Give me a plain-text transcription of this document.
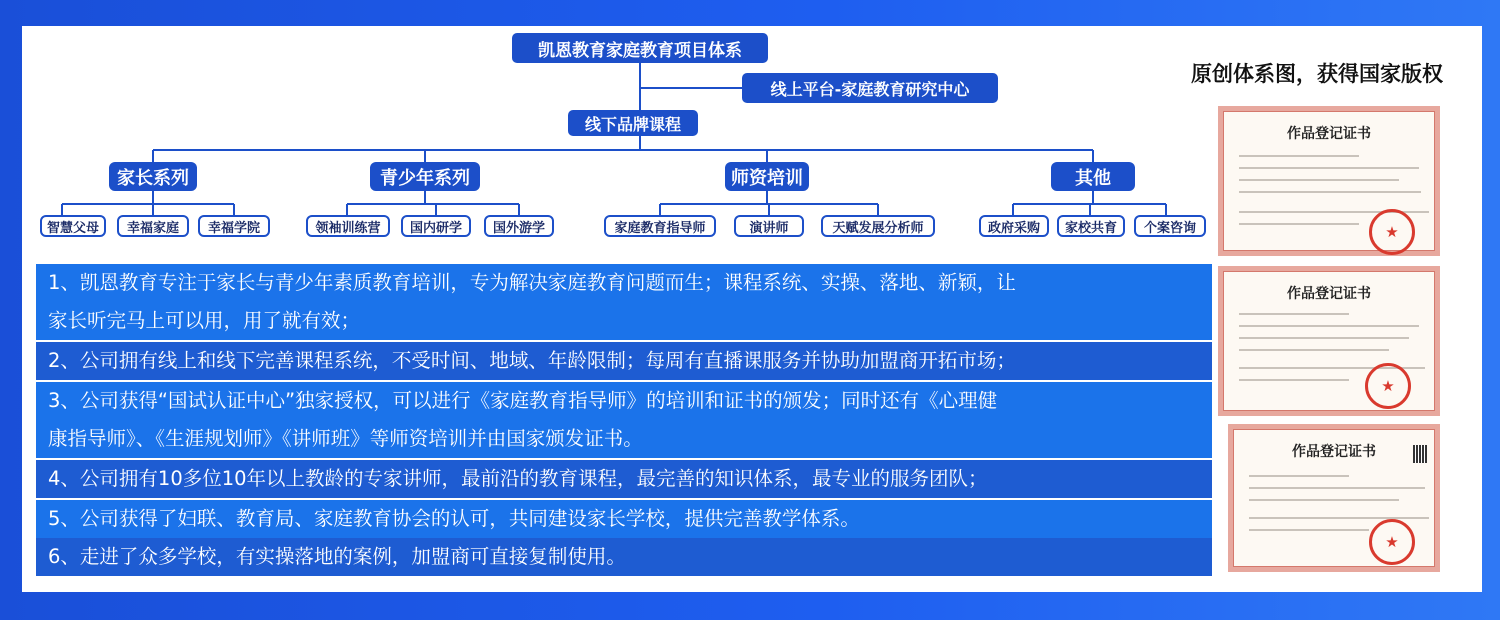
凯恩教育家庭教育项目体系
线上平台-家庭教育研究中心
线下品牌课程
家长系列	青少年系列	师资培训	其他
智慧父母	幸福家庭	幸福学院	领袖训练营	国内研学	国外游学	家庭教育指导师	演讲师	天赋发展分析师	政府采购	家校共育	个案咨询
原创体系图，获得国家版权
作品登记证书
★
作品登记证书
★
作品登记证书
★
1、凯恩教育专注于家长与青少年素质教育培训，专为解决家庭教育问题而生；课程系统、实操、落地、新颖，让
家长听完马上可以用，用了就有效；
2、公司拥有线上和线下完善课程系统，不受时间、地域、年龄限制；每周有直播课服务并协助加盟商开拓市场；
3、公司获得“国试认证中心”独家授权，可以进行《家庭教育指导师》的培训和证书的颁发；同时还有《心理健
康指导师》、《生涯规划师》《讲师班》等师资培训并由国家颁发证书。
4、公司拥有10多位10年以上教龄的专家讲师，最前沿的教育课程，最完善的知识体系，最专业的服务团队；
5、公司获得了妇联、教育局、家庭教育协会的认可，共同建设家长学校，提供完善教学体系。
6、走进了众多学校，有实操落地的案例，加盟商可直接复制使用。
